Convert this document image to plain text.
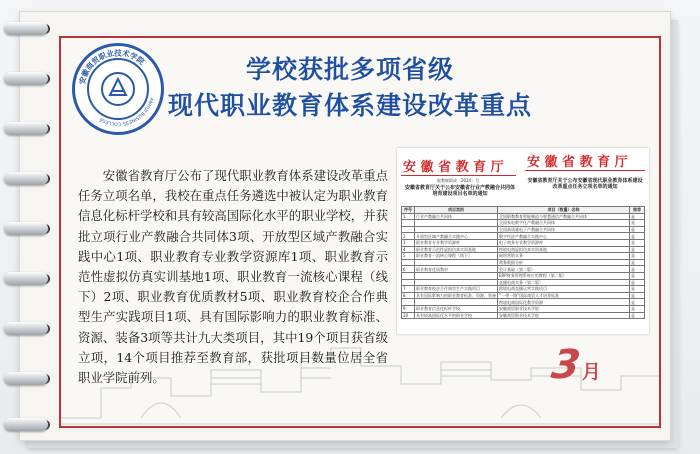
安徽商贸职业技术学院
ANHUI BUSINESS COLLEGE
学校获批多项省级
现代职业教育体系建设改革重点
安徽省教育厅公布了现代职业教育体系建设改革重点任务立项名单，我校在重点任务遴选中被认定为职业教育信息化标杆学校和具有较高国际化水平的职业学校，并获批立项行业产教融合共同体3项、开放型区域产教融合实践中心1项、职业教育专业教学资源库1项、职业教育示范性虚拟仿真实训基地1项、职业教育一流核心课程（线下）2项、职业教育优质教材5项、职业教育校企合作典型生产实践项目1项、具有国际影响力的职业教育标准、资源、装备3项等共计九大类项目，其中19个项目获省级立项，14个项目推荐至教育部，获批项目数量位居全省职业学院前列。
安 徽 省 教 育 厅 安 徽 省 教 育 厅
皖教秘职成〔2024〕号
安徽省教育厅关于公布安徽省行业产教融合共同体培育建设项目名单的通知
安徽省教育厅关于公布安徽省现代职业教育体系建设改革重点任务立项名单的通知
序号	项目类别	项目（数量）名称	推荐
1	行业产教融合共同体	全国职教教育智能制造与智慧通信产教融合共同体	是
		全国家电数字化产教融合共同体	是
		全国高质量电子产教融合共同体	是
2	开放型区域产教融合实践中心	数字经济产教融合实践中心	是
3	职业教育专业教学资源库	电子商务专业教学资源库	是
4	职业教育示范性虚拟仿真实训基地	跨境电商虚拟仿真实训基地	是
5	职业教育一流核心课程（线下）	网络营销实务	是
		商务数据分析	是
6	职业教育优质教材	会计基础（第二版）	是
		ERP财务管理系统应用教程（第二版）	是
		直播电商实务（第二版）	是
7	职业教育校企合作典型生产实践项目	跨境电商直播运营实践项目	是
8	具有国际影响力的职业教育标准、资源、装备	“一带一路”国际商贸人才培养标准	是
		跨境电商国际化教学资源	是
9	职业教育信息化标杆学校	安徽商贸职业技术学院	是
10	具有较高国际化水平的职业学校	安徽商贸职业技术学院	是
3月
